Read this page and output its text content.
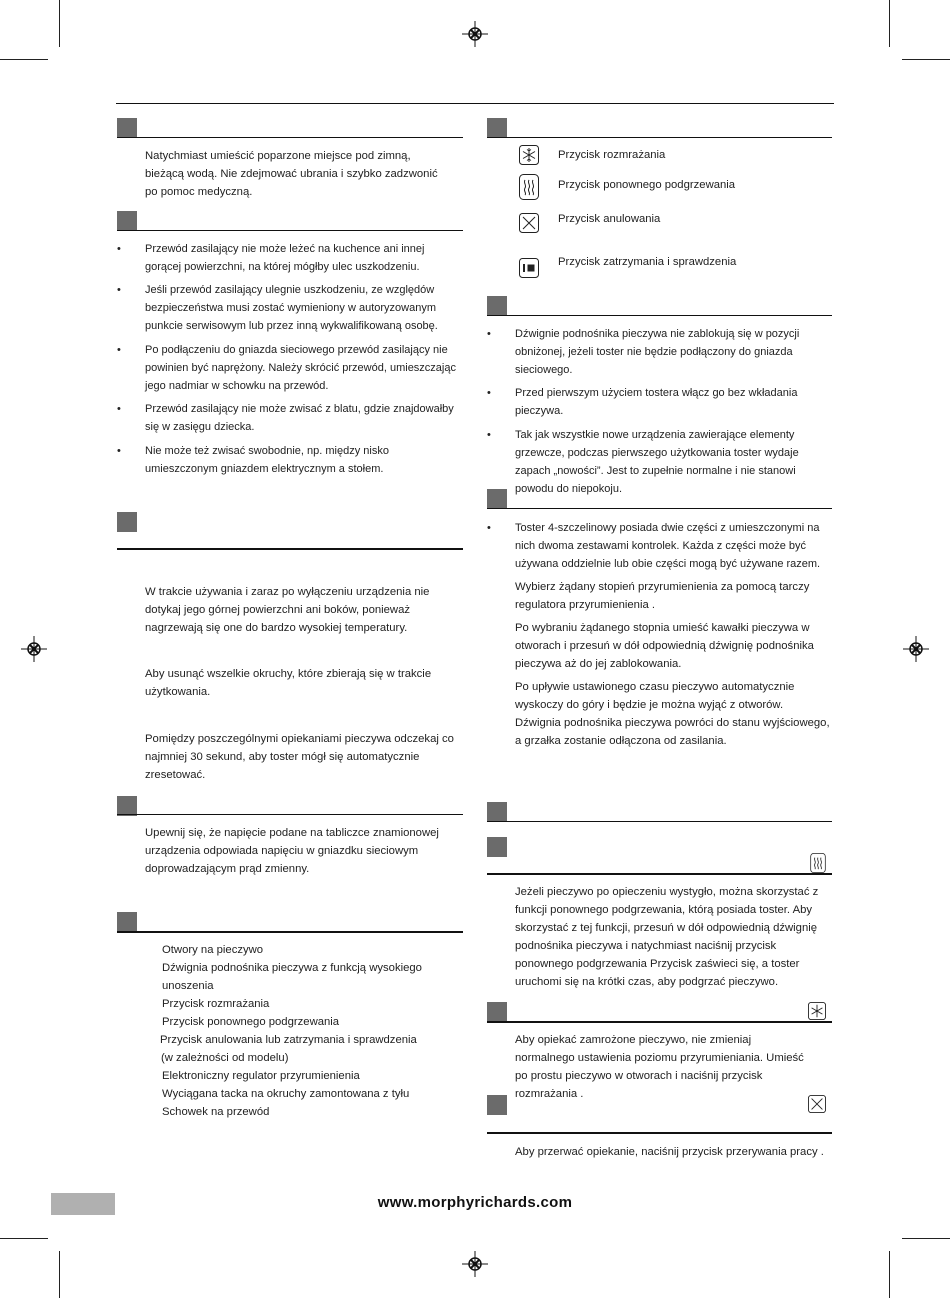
Natychmiast umieścić poparzone miejsce pod zimną, bieżącą wodą. Nie zdejmować ubrania i szybko zadzwonić po pomoc medyczną.
• Przewód zasilający nie może leżeć na kuchence ani innej gorącej powierzchni, na której mógłby ulec uszkodzeniu.
• Jeśli przewód zasilający ulegnie uszkodzeniu, ze względów bezpieczeństwa musi zostać wymieniony w autoryzowanym punkcie serwisowym lub przez inną wykwalifikowaną osobę.
• Po podłączeniu do gniazda sieciowego przewód zasilający nie powinien być naprężony. Należy skrócić przewód, umieszczając jego nadmiar w schowku na przewód.
• Przewód zasilający nie może zwisać z blatu, gdzie znajdowałby się w zasięgu dziecka.
• Nie może też zwisać swobodnie, np. między nisko umieszczonym gniazdem elektrycznym a stołem.
W trakcie używania i zaraz po wyłączeniu urządzenia nie dotykaj jego górnej powierzchni ani boków, ponieważ nagrzewają się one do bardzo wysokiej temperatury.
Aby usunąć wszelkie okruchy, które zbierają się w trakcie użytkowania.
Pomiędzy poszczególnymi opiekaniami pieczywa odczekaj co najmniej 30 sekund, aby toster mógł się automatycznie zresetować.
Upewnij się, że napięcie podane na tabliczce znamionowej urządzenia odpowiada napięciu w gniazdku sieciowym doprowadzającym prąd zmienny.
Otwory na pieczywo
Dźwignia podnośnika pieczywa z funkcją wysokiego
unoszenia
Przycisk rozmrażania
Przycisk ponownego podgrzewania
Przycisk anulowania lub zatrzymania i sprawdzenia
(w zależności od modelu)
Elektroniczny regulator przyrumienienia
Wyciągana tacka na okruchy zamontowana z tyłu
Schowek na przewód
Przycisk rozmrażania
Przycisk ponownego podgrzewania
Przycisk anulowania
Przycisk zatrzymania i sprawdzenia
• Dźwignie podnośnika pieczywa nie zablokują się w pozycji obniżonej, jeżeli toster nie będzie podłączony do gniazda sieciowego.
• Przed pierwszym użyciem tostera włącz go bez wkładania pieczywa.
• Tak jak wszystkie nowe urządzenia zawierające elementy grzewcze, podczas pierwszego użytkowania toster wydaje zapach „nowości”. Jest to zupełnie normalne i nie stanowi powodu do niepokoju.
• Toster 4-szczelinowy posiada dwie części z umieszczonymi na nich dwoma zestawami kontrolek. Każda z części może być używana oddzielnie lub obie części mogą być używane razem.
Wybierz żądany stopień przyrumienienia za pomocą tarczy regulatora przyrumienienia .
Po wybraniu żądanego stopnia umieść kawałki pieczywa w otworach i przesuń w dół odpowiednią dźwignię podnośnika pieczywa aż do jej zablokowania.
Po upływie ustawionego czasu pieczywo automatycznie wyskoczy do góry i będzie je można wyjąć z otworów. Dźwignia podnośnika pieczywa powróci do stanu wyjściowego, a grzałka zostanie odłączona od zasilania.
Jeżeli pieczywo po opieczeniu wystygło, można skorzystać z funkcji ponownego podgrzewania, którą posiada toster. Aby skorzystać z tej funkcji, przesuń w dół odpowiednią dźwignię podnośnika pieczywa i natychmiast naciśnij przycisk ponownego podgrzewania Przycisk zaświeci się, a toster uruchomi się na krótki czas, aby podgrzać pieczywo.
Aby opiekać zamrożone pieczywo, nie zmieniaj normalnego ustawienia poziomu przyrumieniania. Umieść po prostu pieczywo w otworach i naciśnij przycisk rozmrażania .
Aby przerwać opiekanie, naciśnij przycisk przerywania pracy .
www.morphyrichards.com
